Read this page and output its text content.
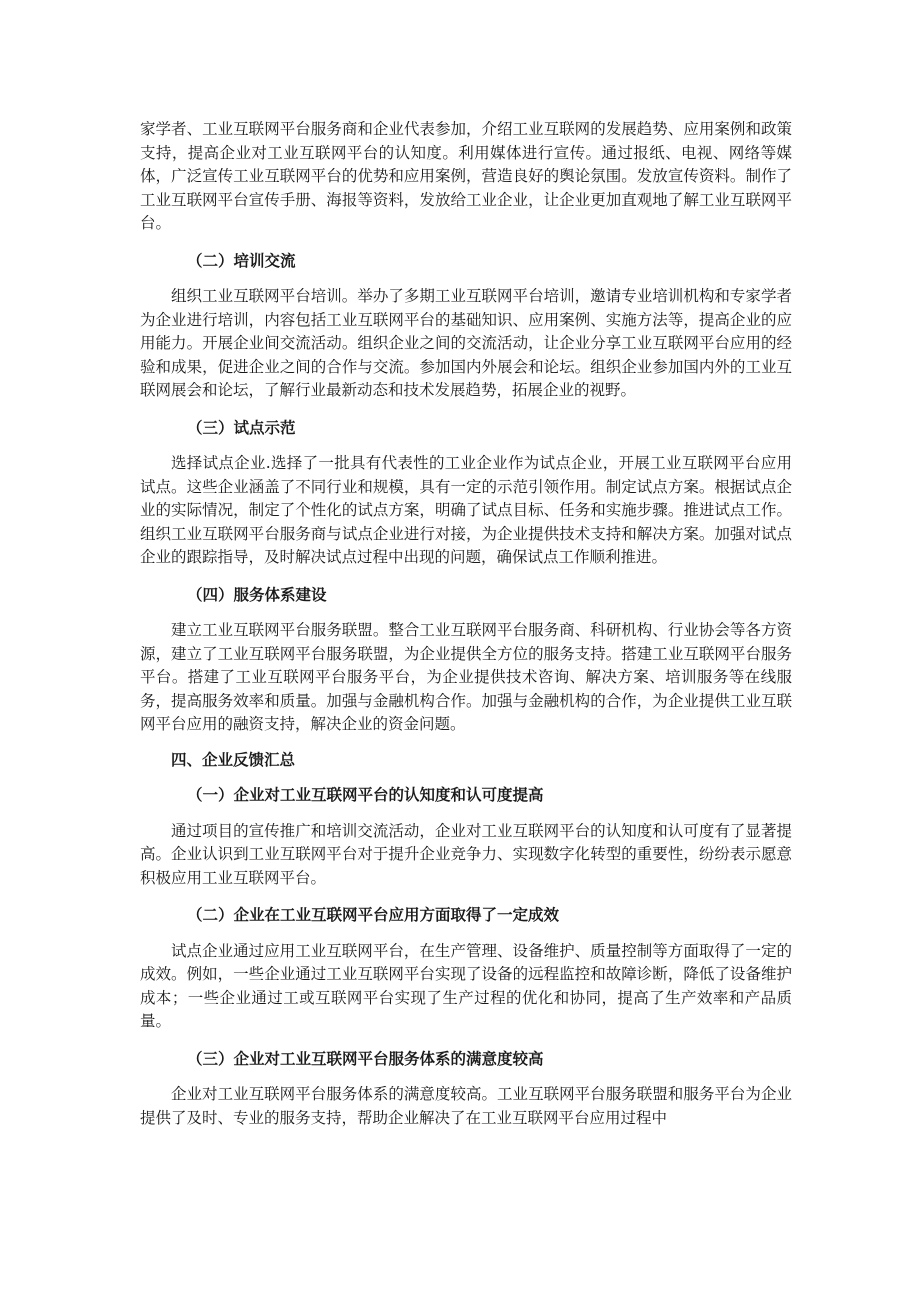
家学者、工业互联网平台服务商和企业代表参加，介绍工业互联网的发展趋势、应用案例和政策支持，提高企业对工业互联网平台的认知度。利用媒体进行宣传。通过报纸、电视、网络等媒体，广泛宣传工业互联网平台的优势和应用案例，营造良好的舆论氛围。发放宣传资料。制作了工业互联网平台宣传手册、海报等资料，发放给工业企业，让企业更加直观地了解工业互联网平台。

（二）培训交流

组织工业互联网平台培训。举办了多期工业互联网平台培训，邀请专业培训机构和专家学者为企业进行培训，内容包括工业互联网平台的基础知识、应用案例、实施方法等，提高企业的应用能力。开展企业间交流活动。组织企业之间的交流活动，让企业分享工业互联网平台应用的经验和成果，促进企业之间的合作与交流。参加国内外展会和论坛。组织企业参加国内外的工业互联网展会和论坛，了解行业最新动态和技术发展趋势，拓展企业的视野。

（三）试点示范

选择试点企业.选择了一批具有代表性的工业企业作为试点企业，开展工业互联网平台应用试点。这些企业涵盖了不同行业和规模，具有一定的示范引领作用。制定试点方案。根据试点企业的实际情况，制定了个性化的试点方案，明确了试点目标、任务和实施步骤。推进试点工作。组织工业互联网平台服务商与试点企业进行对接，为企业提供技术支持和解决方案。加强对试点企业的跟踪指导，及时解决试点过程中出现的问题，确保试点工作顺利推进。

（四）服务体系建设

建立工业互联网平台服务联盟。整合工业互联网平台服务商、科研机构、行业协会等各方资源，建立了工业互联网平台服务联盟，为企业提供全方位的服务支持。搭建工业互联网平台服务平台。搭建了工业互联网平台服务平台，为企业提供技术咨询、解决方案、培训服务等在线服务，提高服务效率和质量。加强与金融机构合作。加强与金融机构的合作，为企业提供工业互联网平台应用的融资支持，解决企业的资金问题。

四、企业反馈汇总

（一）企业对工业互联网平台的认知度和认可度提高

通过项目的宣传推广和培训交流活动，企业对工业互联网平台的认知度和认可度有了显著提高。企业认识到工业互联网平台对于提升企业竞争力、实现数字化转型的重要性，纷纷表示愿意积极应用工业互联网平台。

（二）企业在工业互联网平台应用方面取得了一定成效

试点企业通过应用工业互联网平台，在生产管理、设备维护、质量控制等方面取得了一定的成效。例如，一些企业通过工业互联网平台实现了设备的远程监控和故障诊断，降低了设备维护成本；一些企业通过工或互联网平台实现了生产过程的优化和协同，提高了生产效率和产品质量。

（三）企业对工业互联网平台服务体系的满意度较高

企业对工业互联网平台服务体系的满意度较高。工业互联网平台服务联盟和服务平台为企业提供了及时、专业的服务支持，帮助企业解决了在工业互联网平台应用过程中
